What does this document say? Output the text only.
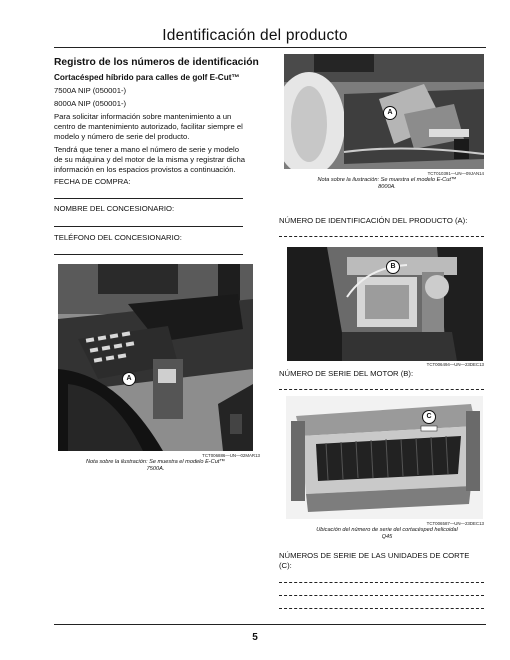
Identificación del producto
Registro de los números de identificación
Cortacésped híbrido para calles de golf E-Cut™
7500A NIP (050001-)
8000A NIP (050001-)
Para solicitar información sobre mantenimiento a un
centro de mantenimiento autorizado, facilitar siempre el
modelo y número de serie del producto.
Tendrá que tener a mano el número de serie y modelo
de su máquina y del motor de la misma y registrar dicha
información en los espacios provistos a continuación.
FECHA DE COMPRA:
NOMBRE DEL CONCESIONARIO:
TELÉFONO DEL CONCESIONARIO:
A
TCT006886—UN—02MAR13
Nota sobre la ilustración: Se muestra el modelo E-Cut™
7500A.
A
TCT010391—UN—09JAN14
Nota sobre la ilustración: Se muestra el modelo E-Cut™
8000A.
NÚMERO DE IDENTIFICACIÓN DEL PRODUCTO (A):
B
TCT006494—UN—23DEC13
NÚMERO DE SERIE DEL MOTOR (B):
C
TCT006587—UN—23DEC13
Ubicación del número de serie del cortacésped helicoidal
Q45
NÚMEROS DE SERIE DE LAS UNIDADES DE CORTE
(C):
5
